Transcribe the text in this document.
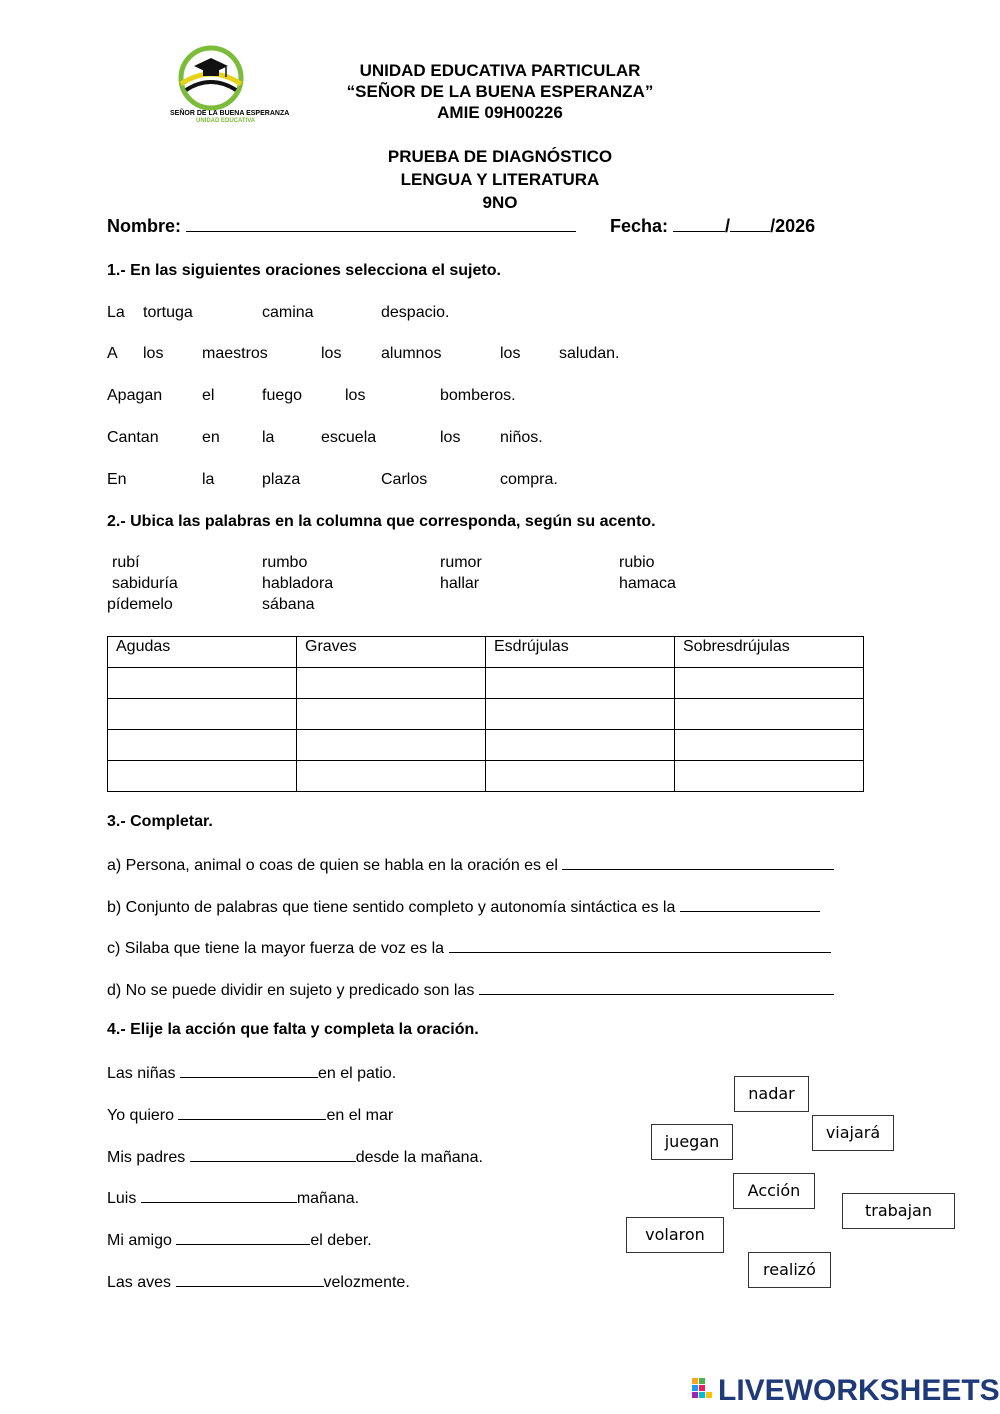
SEÑOR DE LA BUENA ESPERANZA
UNIDAD EDUCATIVA
UNIDAD EDUCATIVA PARTICULAR
“SEÑOR DE LA BUENA ESPERANZA”
AMIE 09H00226
PRUEBA DE DIAGNÓSTICO
LENGUA Y LITERATURA
9NO
Nombre:	Fecha:	/ /2026
1.- En las siguientes oraciones selecciona el sujeto.
La tortuga	camina	despacio.
A los maestros	los alumnos	los saludan.
Apagan el	fuego	los	bomberos.
Cantan	en	la	escuela	los niños.
En	la	plaza	Carlos	compra.
2.- Ubica las palabras en la columna que corresponda, según su acento.
rubí	rumbo	rumor	rubio
sabiduría	habladora	hallar	hamaca
pídemelo	sábana
Agudas	Graves	Esdrújulas	Sobresdrújulas

3.- Completar.
a) Persona, animal o coas de quien se habla en la oración es el
b) Conjunto de palabras que tiene sentido completo y autonomía sintáctica es la
c) Silaba que tiene la mayor fuerza de voz es la
d) No se puede dividir en sujeto y predicado son las
4.- Elije la acción que falta y completa la oración.
Las niñas	en el patio.
Yo quiero	en el mar
Mis padres	desde la mañana.
Luis	mañana.
Mi amigo	el deber.
Las aves	velozmente.
nadar
viajará
juegan
Acción
trabajan
volaron
realizó
LIVEWORKSHEETS
